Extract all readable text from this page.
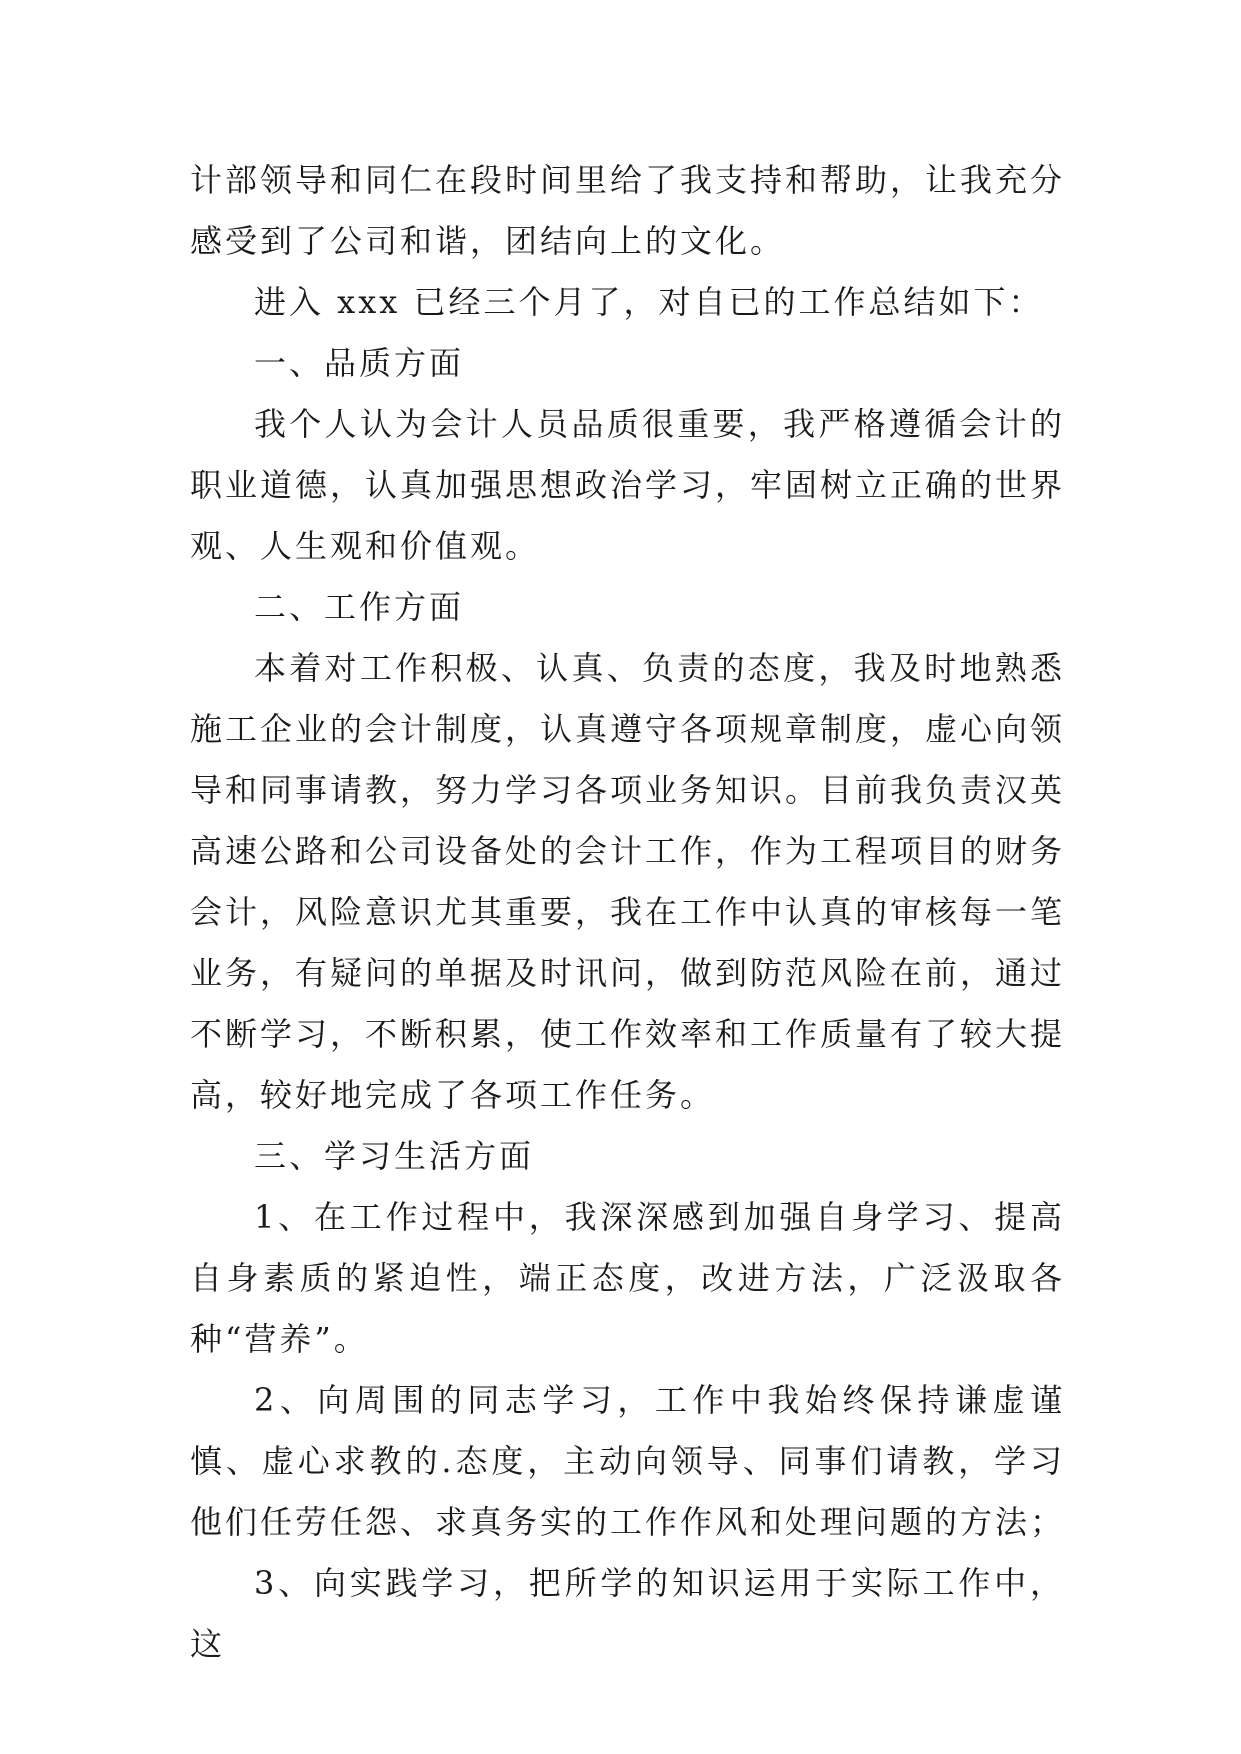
计部领导和同仁在段时间里给了我支持和帮助，让我充分感受到了公司和谐，团结向上的文化。

进入 xxx 已经三个月了，对自已的工作总结如下：

一、品质方面

我个人认为会计人员品质很重要，我严格遵循会计的职业道德，认真加强思想政治学习，牢固树立正确的世界观、人生观和价值观。

二、工作方面

本着对工作积极、认真、负责的态度，我及时地熟悉施工企业的会计制度，认真遵守各项规章制度，虚心向领导和同事请教，努力学习各项业务知识。目前我负责汉英高速公路和公司设备处的会计工作，作为工程项目的财务会计，风险意识尤其重要，我在工作中认真的审核每一笔业务，有疑问的单据及时讯问，做到防范风险在前，通过不断学习，不断积累，使工作效率和工作质量有了较大提高，较好地完成了各项工作任务。

三、学习生活方面

1、在工作过程中，我深深感到加强自身学习、提高自身素质的紧迫性，端正态度，改进方法，广泛汲取各种“营养”。

2、向周围的同志学习，工作中我始终保持谦虚谨慎、虚心求教的.态度，主动向领导、同事们请教，学习他们任劳任怨、求真务实的工作作风和处理问题的方法；

3、向实践学习，把所学的知识运用于实际工作中，这
